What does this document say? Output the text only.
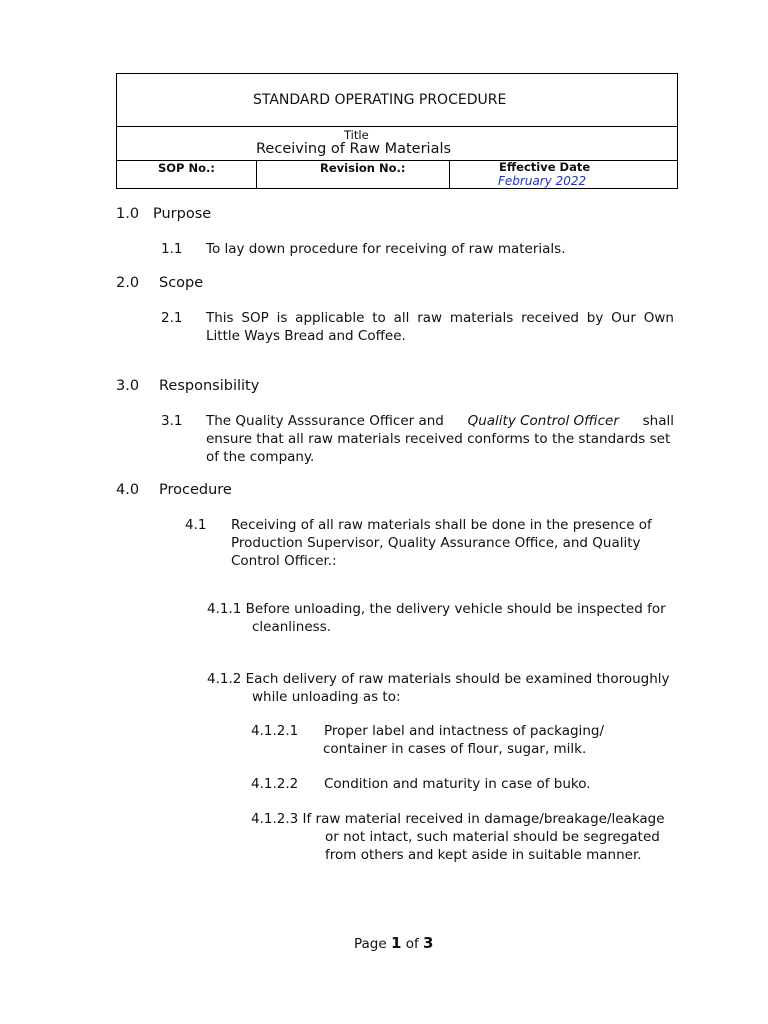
STANDARD OPERATING PROCEDURE
Title
Receiving of Raw Materials
SOP No.:	Revision No.:	Effective Date
February 2022
1.0 Purpose
1.1 To lay down procedure for receiving of raw materials.
2.0 Scope
2.1 This SOP is applicable to all raw materials received by Our Own
Little Ways Bread and Coffee.
3.0 Responsibility
3.1 The Quality Asssurance Officer and Quality Control Officer shall
ensure that all raw materials received conforms to the standards set
of the company.
4.0 Procedure
4.1 Receiving of all raw materials shall be done in the presence of
Production Supervisor, Quality Assurance Office, and Quality
Control Officer.:
4.1.1 Before unloading, the delivery vehicle should be inspected for
cleanliness.
4.1.2 Each delivery of raw materials should be examined thoroughly
while unloading as to:
4.1.2.1 Proper label and intactness of packaging/
container in cases of flour, sugar, milk.
4.1.2.2 Condition and maturity in case of buko.
4.1.2.3 If raw material received in damage/breakage/leakage
or not intact, such material should be segregated
from others and kept aside in suitable manner.
Page 1 of 3
